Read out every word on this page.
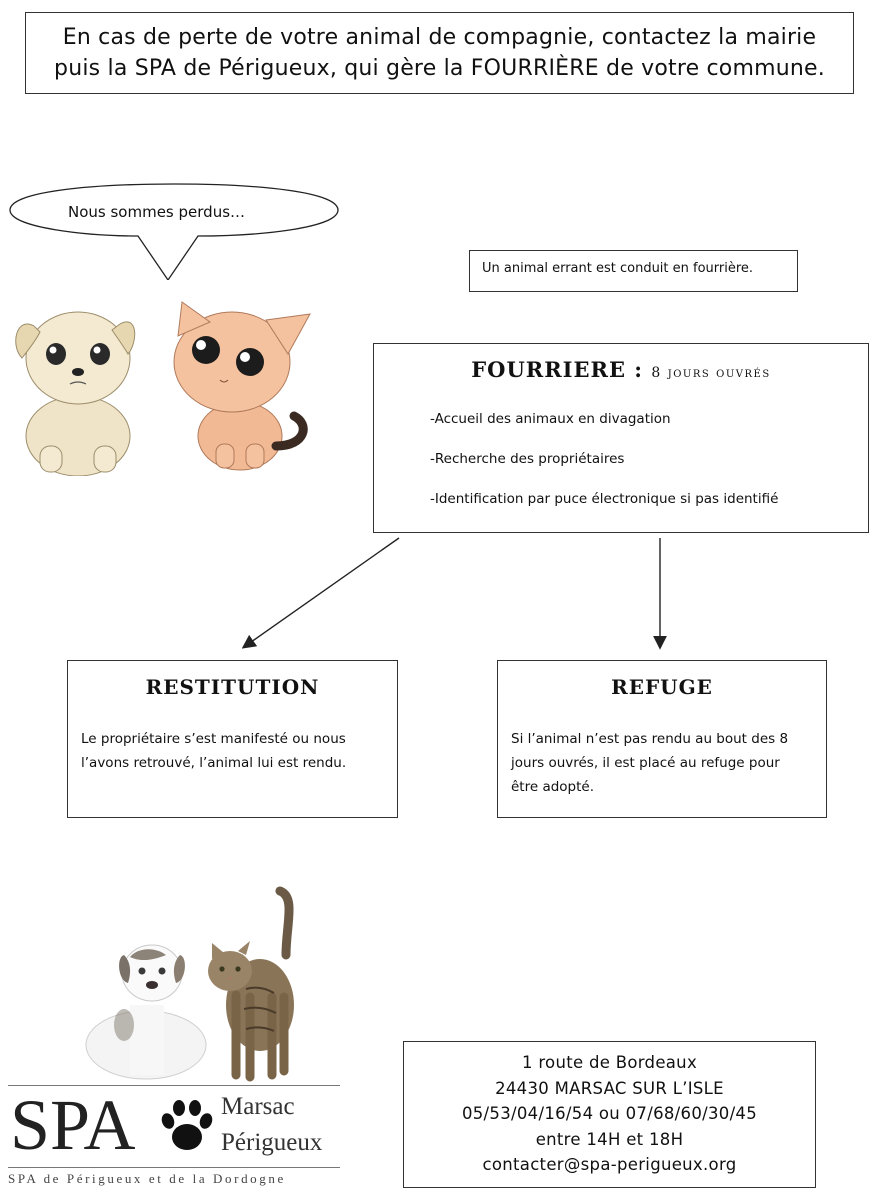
En cas de perte de votre animal de compagnie, contactez la mairie
puis la SPA de Périgueux, qui gère la FOURRIÈRE de votre commune.
Nous sommes perdus…
Un animal errant est conduit en fourrière.
FOURRIERE : 8 jours ouvrés
-Accueil des animaux en divagation
-Recherche des propriétaires
-Identification par puce électronique si pas identifié
RESTITUTION
Le propriétaire s’est manifesté ou nous
l’avons retrouvé, l’animal lui est rendu.
REFUGE
Si l’animal n’est pas rendu au bout des 8
jours ouvrés, il est placé au refuge pour
être adopté.
SPA	Marsac
Périgueux
SPA de Périgueux et de la Dordogne
1 route de Bordeaux
24430 MARSAC SUR L’ISLE
05/53/04/16/54 ou 07/68/60/30/45
entre 14H et 18H
contacter@spa-perigueux.org
